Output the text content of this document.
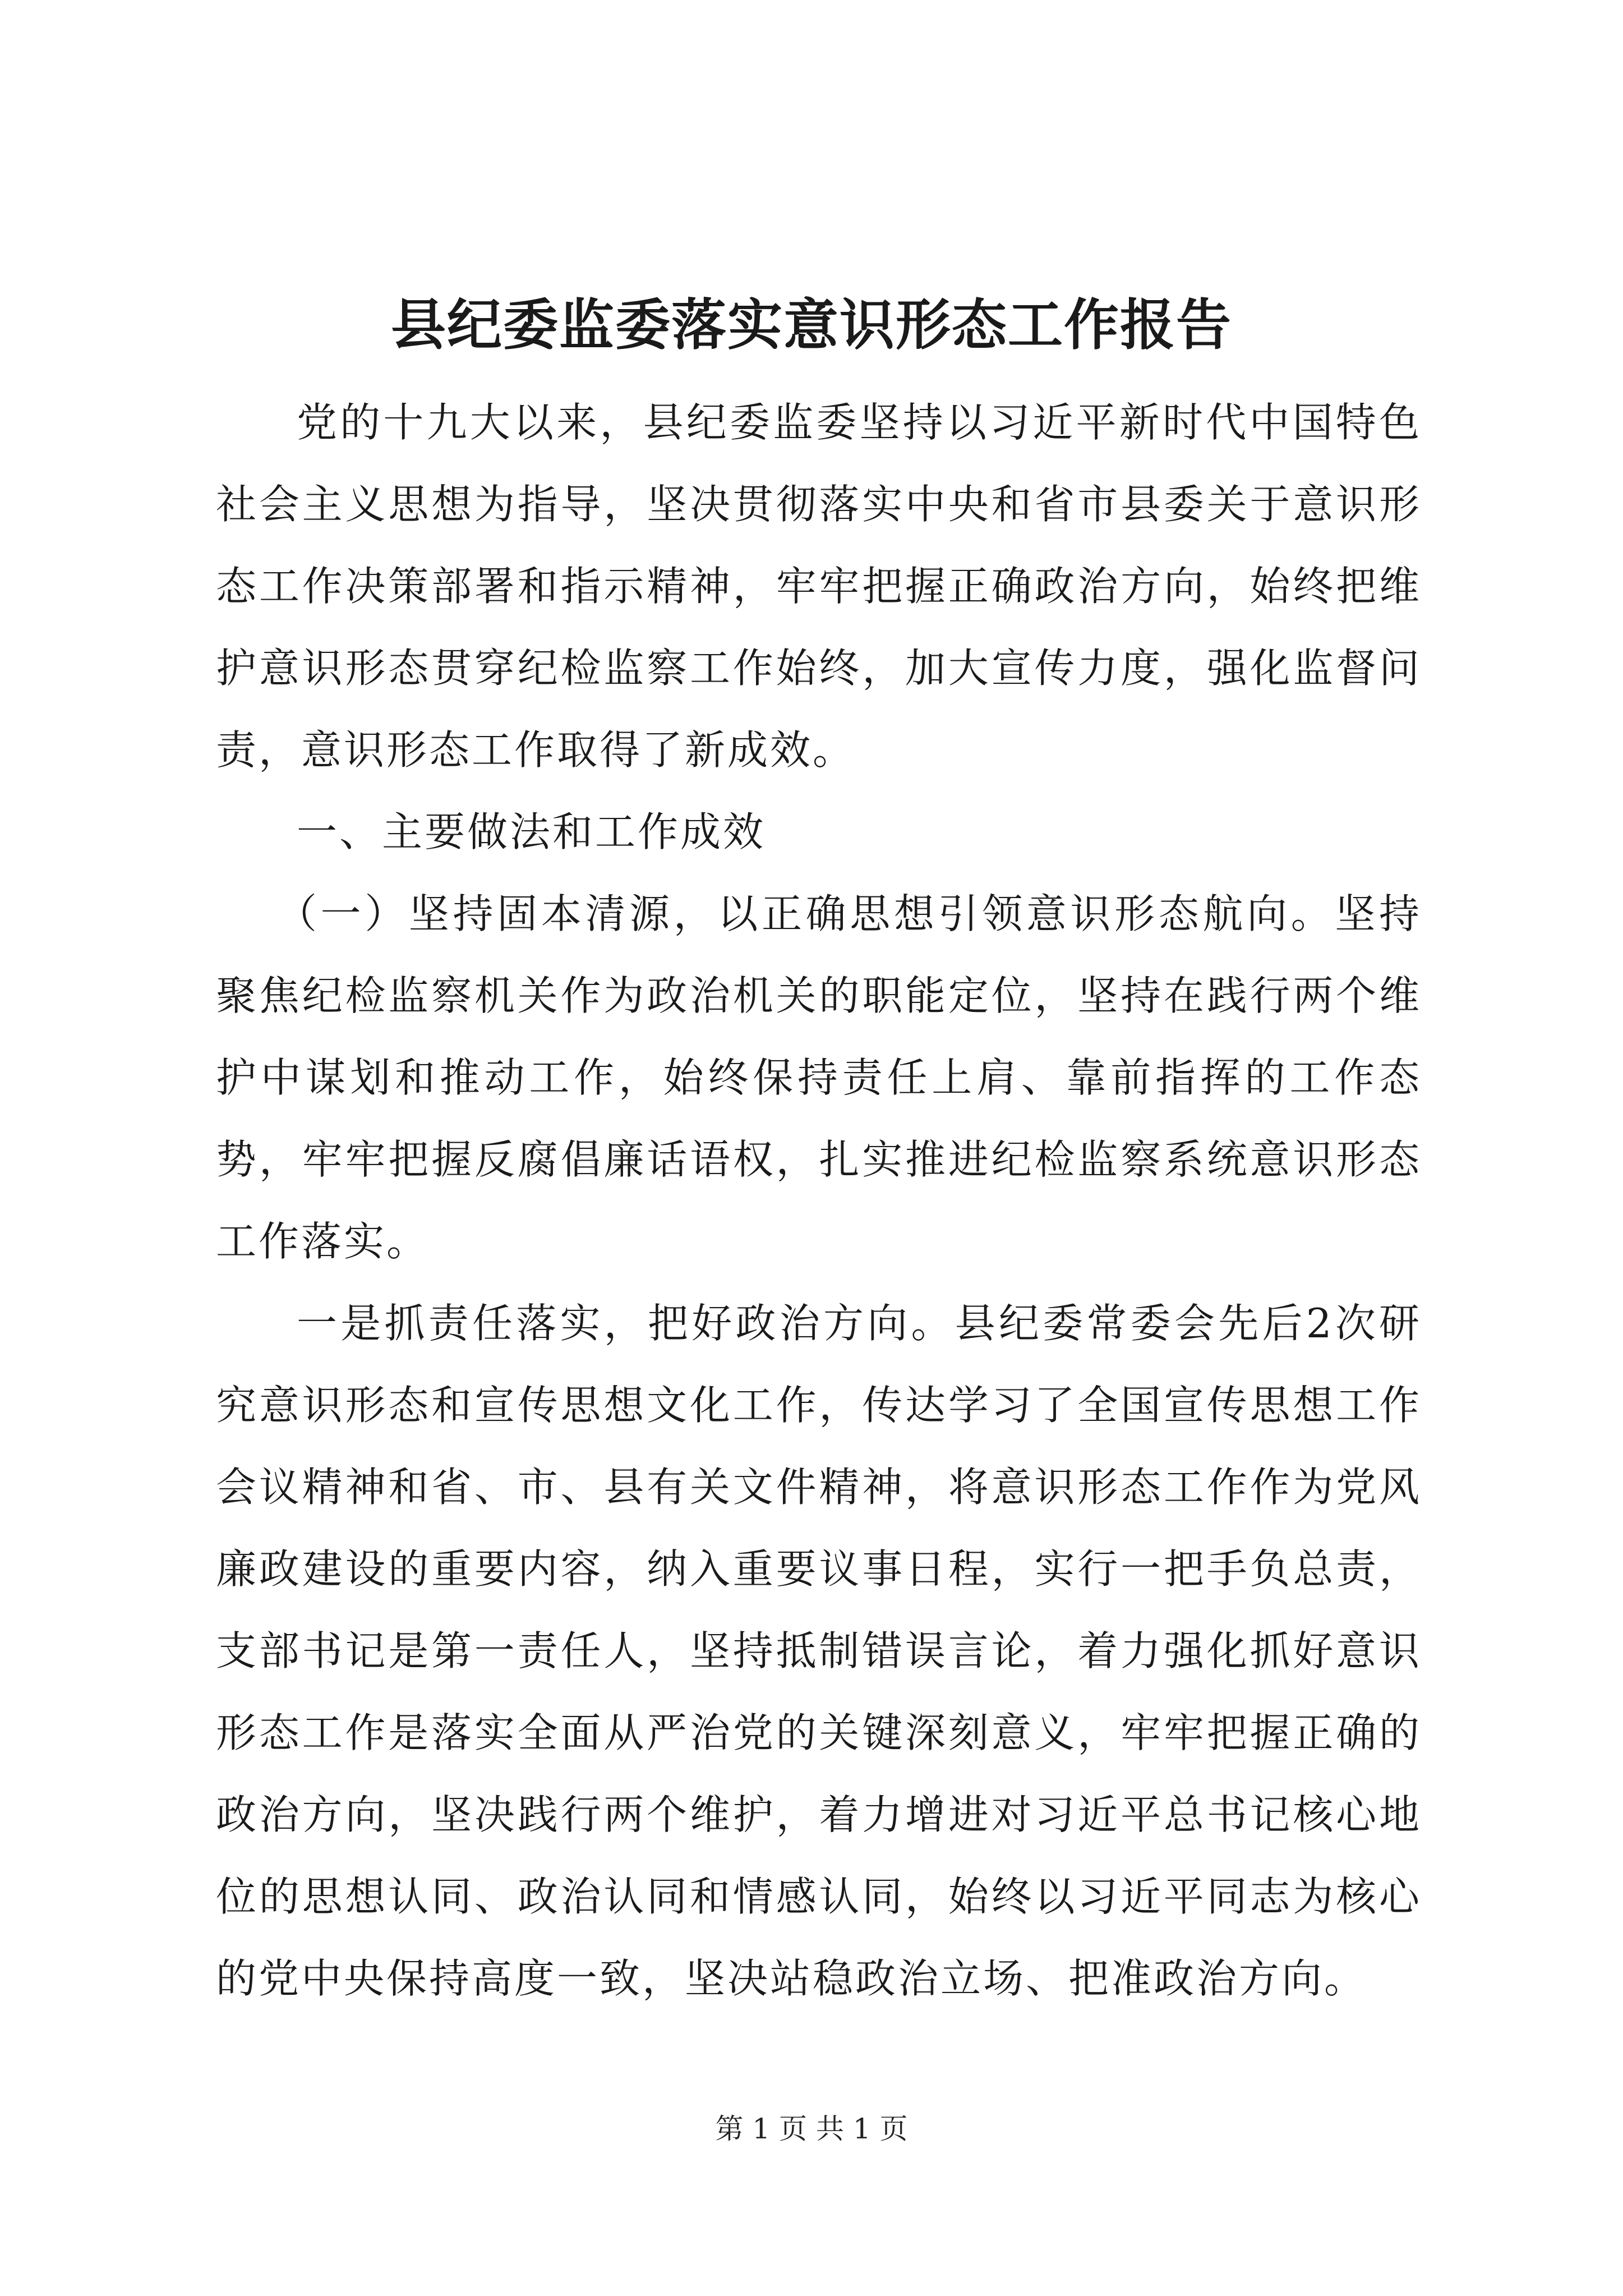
县纪委监委落实意识形态工作报告

党的十九大以来，县纪委监委坚持以习近平新时代中国特色社会主义思想为指导，坚决贯彻落实中央和省市县委关于意识形态工作决策部署和指示精神，牢牢把握正确政治方向，始终把维护意识形态贯穿纪检监察工作始终，加大宣传力度，强化监督问责，意识形态工作取得了新成效。

一、主要做法和工作成效

（一）坚持固本清源，以正确思想引领意识形态航向。坚持聚焦纪检监察机关作为政治机关的职能定位，坚持在践行两个维护中谋划和推动工作，始终保持责任上肩、靠前指挥的工作态势，牢牢把握反腐倡廉话语权，扎实推进纪检监察系统意识形态工作落实。

一是抓责任落实，把好政治方向。县纪委常委会先后2次研究意识形态和宣传思想文化工作，传达学习了全国宣传思想工作会议精神和省、市、县有关文件精神，将意识形态工作作为党风廉政建设的重要内容，纳入重要议事日程，实行一把手负总责，支部书记是第一责任人，坚持抵制错误言论，着力强化抓好意识形态工作是落实全面从严治党的关键深刻意义，牢牢把握正确的政治方向，坚决践行两个维护，着力增进对习近平总书记核心地位的思想认同、政治认同和情感认同，始终以习近平同志为核心的党中央保持高度一致，坚决站稳政治立场、把准政治方向。

第 1 页 共 1 页
